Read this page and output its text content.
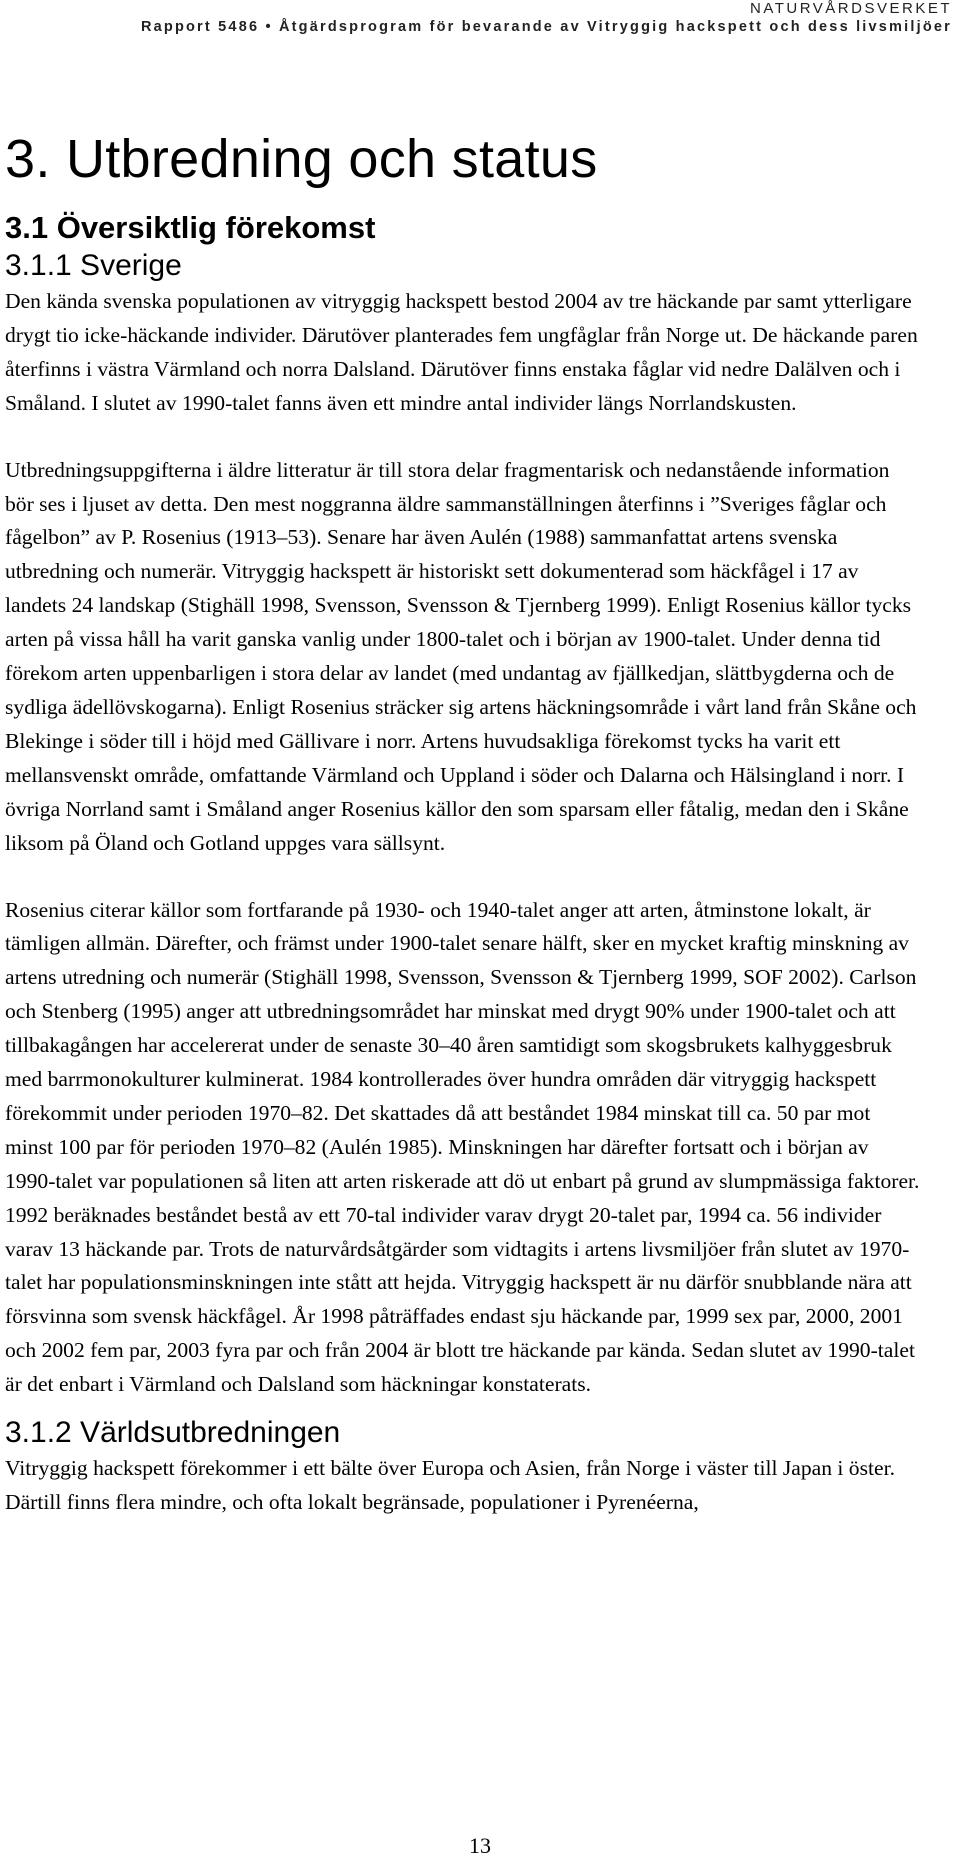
NATURVÅRDSVERKET
Rapport 5486 • Åtgärdsprogram för bevarande av Vitryggig hackspett och dess livsmiljöer
3. Utbredning och status
3.1 Översiktlig förekomst
3.1.1 Sverige

Den kända svenska populationen av vitryggig hackspett bestod 2004 av tre häckande par samt ytterligare drygt tio icke-häckande individer. Därutöver planterades fem ungfåglar från Norge ut. De häckande paren återfinns i västra Värmland och norra Dalsland. Därutöver finns enstaka fåglar vid nedre Dalälven och i Småland. I slutet av 1990-talet fanns även ett mindre antal individer längs Norrlandskusten.

Utbredningsuppgifterna i äldre litteratur är till stora delar fragmentarisk och nedanstående information bör ses i ljuset av detta. Den mest noggranna äldre sammanställningen återfinns i ”Sveriges fåglar och fågelbon” av P. Rosenius (1913–53). Senare har även Aulén (1988) sammanfattat artens svenska utbredning och numerär. Vitryggig hackspett är historiskt sett dokumenterad som häckfågel i 17 av landets 24 landskap (Stighäll 1998, Svensson, Svensson & Tjernberg 1999). Enligt Rosenius källor tycks arten på vissa håll ha varit ganska vanlig under 1800-talet och i början av 1900-talet. Under denna tid förekom arten uppenbarligen i stora delar av landet (med undantag av fjällkedjan, slättbygderna och de sydliga ädellövskogarna). Enligt Rosenius sträcker sig artens häckningsområde i vårt land från Skåne och Blekinge i söder till i höjd med Gällivare i norr. Artens huvudsakliga förekomst tycks ha varit ett mellansvenskt område, omfattande Värmland och Uppland i söder och Dalarna och Hälsingland i norr. I övriga Norrland samt i Småland anger Rosenius källor den som sparsam eller fåtalig, medan den i Skåne liksom på Öland och Gotland uppges vara sällsynt.

Rosenius citerar källor som fortfarande på 1930- och 1940-talet anger att arten, åtminstone lokalt, är tämligen allmän. Därefter, och främst under 1900-talet senare hälft, sker en mycket kraftig minskning av artens utredning och numerär (Stighäll 1998, Svensson, Svensson & Tjernberg 1999, SOF 2002). Carlson och Stenberg (1995) anger att utbredningsområdet har minskat med drygt 90% under 1900-talet och att tillbakagången har accelererat under de senaste 30–40 åren samtidigt som skogsbrukets kalhyggesbruk med barrmonokulturer kulminerat. 1984 kontrollerades över hundra områden där vitryggig hackspett förekommit under perioden 1970–82. Det skattades då att beståndet 1984 minskat till ca. 50 par mot minst 100 par för perioden 1970–82 (Aulén 1985). Minskningen har därefter fortsatt och i början av 1990-talet var populationen så liten att arten riskerade att dö ut enbart på grund av slumpmässiga faktorer. 1992 beräknades beståndet bestå av ett 70-tal individer varav drygt 20-talet par, 1994 ca. 56 individer varav 13 häckande par. Trots de naturvårdsåtgärder som vidtagits i artens livsmiljöer från slutet av 1970-talet har populationsminskningen inte stått att hejda. Vitryggig hackspett är nu därför snubblande nära att försvinna som svensk häckfågel. År 1998 påträffades endast sju häckande par, 1999 sex par, 2000, 2001 och 2002 fem par, 2003 fyra par och från 2004 är blott tre häckande par kända. Sedan slutet av 1990-talet är det enbart i Värmland och Dalsland som häckningar konstaterats.

3.1.2 Världsutbredningen

Vitryggig hackspett förekommer i ett bälte över Europa och Asien, från Norge i väster till Japan i öster. Därtill finns flera mindre, och ofta lokalt begränsade, populationer i Pyrenéerna,

13
